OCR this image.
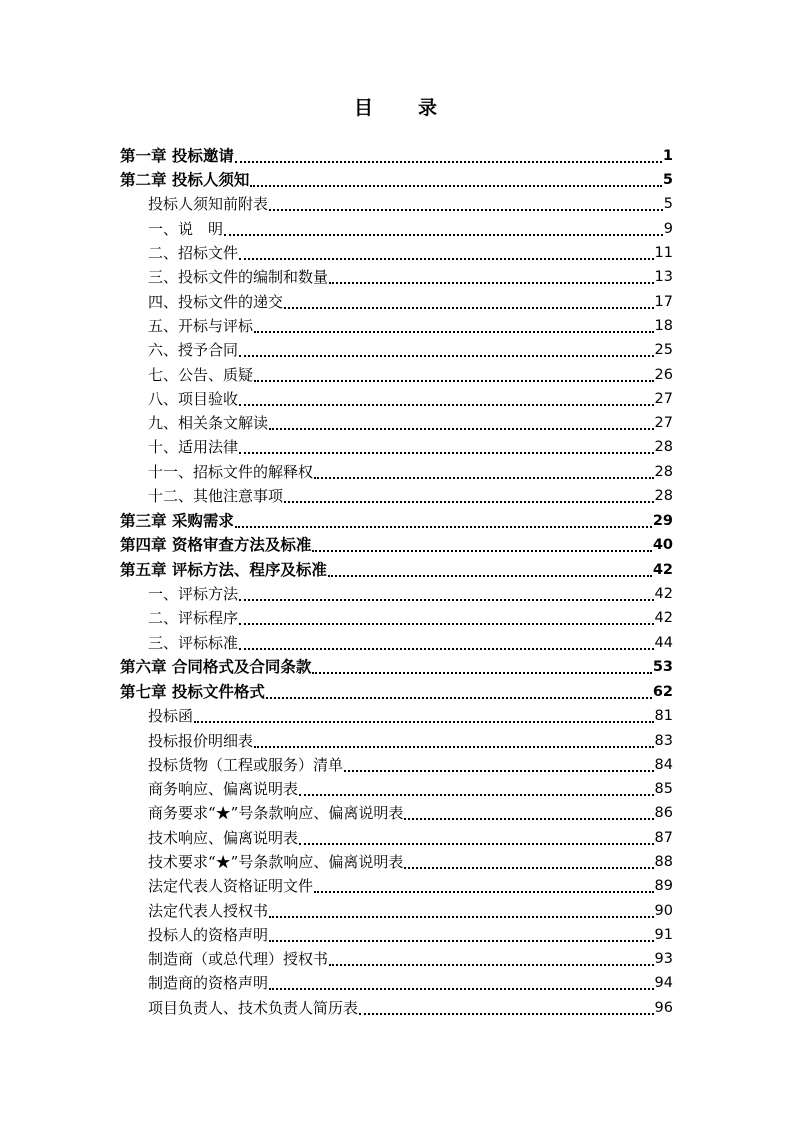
目 录
第一章 投标邀请	1
第二章 投标人须知	5
投标人须知前附表	5
一、说　明	9
二、招标文件	11
三、投标文件的编制和数量	13
四、投标文件的递交	17
五、开标与评标	18
六、授予合同	25
七、公告、质疑	26
八、项目验收	27
九、相关条文解读	27
十、适用法律	28
十一、招标文件的解释权	28
十二、其他注意事项	28
第三章 采购需求	29
第四章 资格审查方法及标准	40
第五章 评标方法、程序及标准	42
一、评标方法	42
二、评标程序	42
三、评标标准	44
第六章 合同格式及合同条款	53
第七章 投标文件格式	62
投标函	81
投标报价明细表	83
投标货物（工程或服务）清单	84
商务响应、偏离说明表	85
商务要求“★”号条款响应、偏离说明表	86
技术响应、偏离说明表	87
技术要求“★”号条款响应、偏离说明表	88
法定代表人资格证明文件	89
法定代表人授权书	90
投标人的资格声明	91
制造商（或总代理）授权书	93
制造商的资格声明	94
项目负责人、技术负责人简历表	96
